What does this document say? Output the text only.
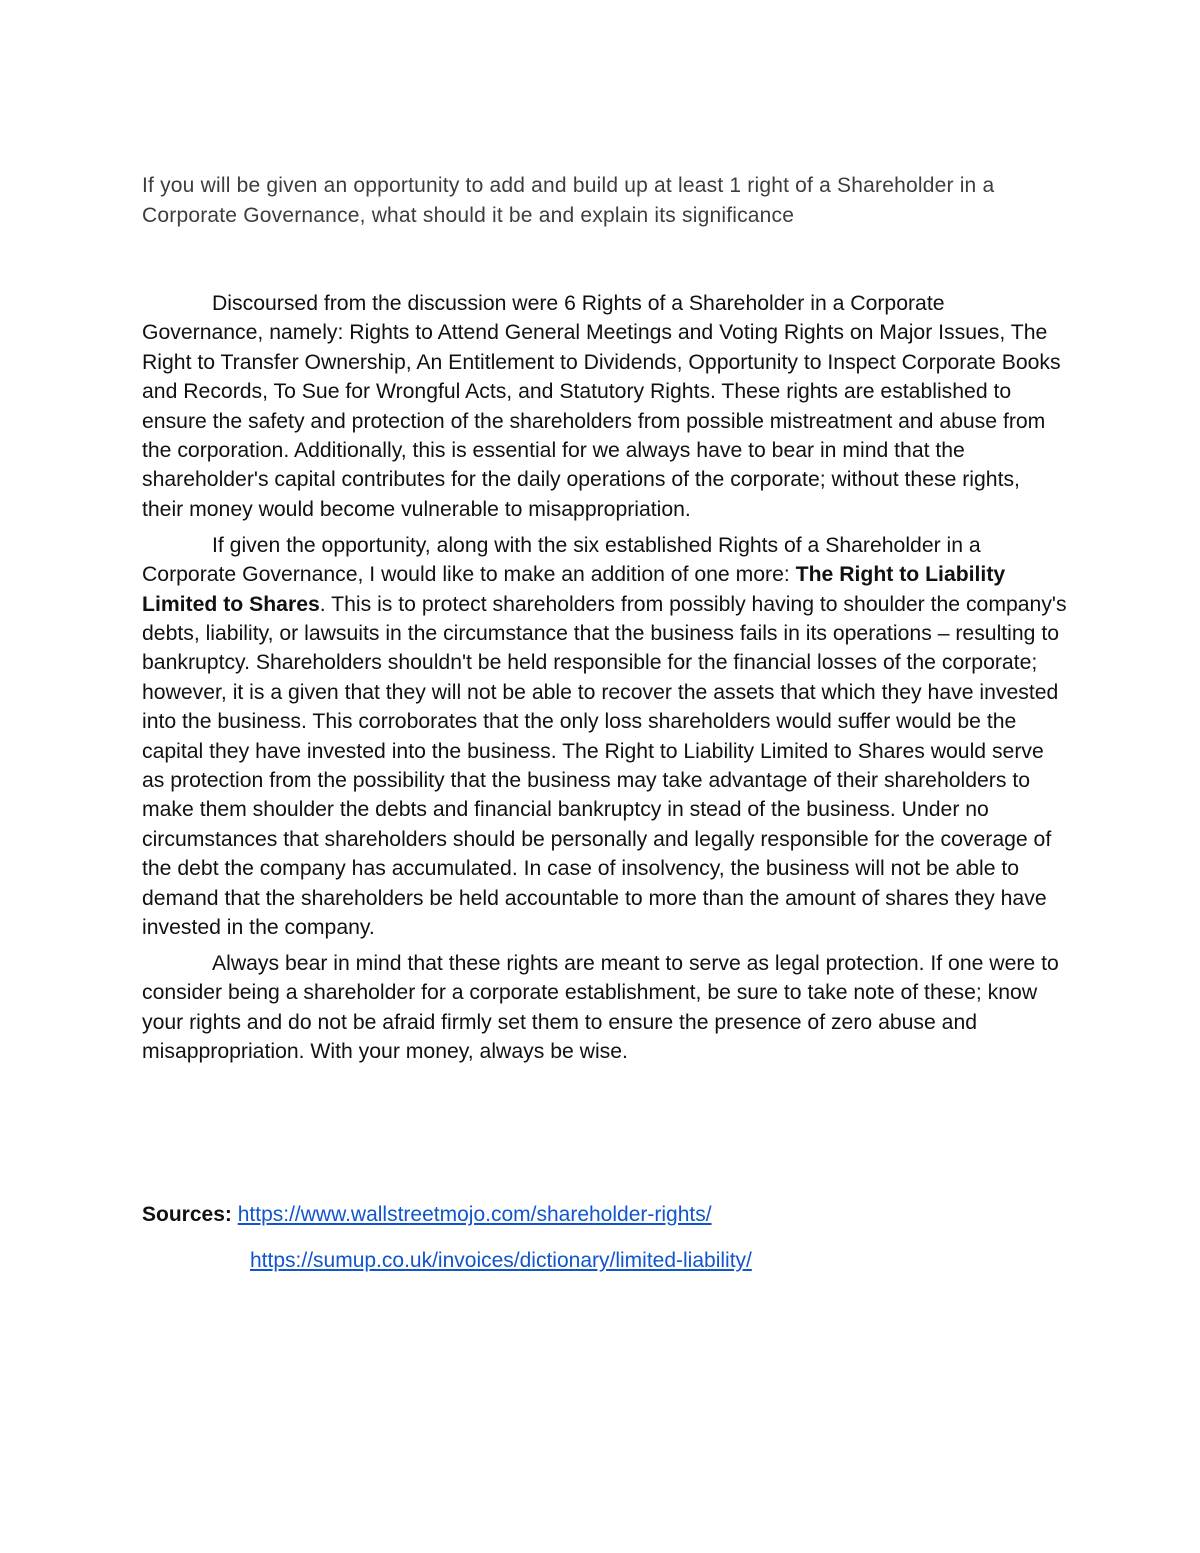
If you will be given an opportunity to add and build up at least 1 right of a Shareholder in a Corporate Governance, what should it be and explain its significance

Discoursed from the discussion were 6 Rights of a Shareholder in a Corporate Governance, namely: Rights to Attend General Meetings and Voting Rights on Major Issues, The Right to Transfer Ownership, An Entitlement to Dividends, Opportunity to Inspect Corporate Books and Records, To Sue for Wrongful Acts, and Statutory Rights. These rights are established to ensure the safety and protection of the shareholders from possible mistreatment and abuse from the corporation. Additionally, this is essential for we always have to bear in mind that the shareholder's capital contributes for the daily operations of the corporate; without these rights, their money would become vulnerable to misappropriation.

If given the opportunity, along with the six established Rights of a Shareholder in a Corporate Governance, I would like to make an addition of one more: The Right to Liability Limited to Shares. This is to protect shareholders from possibly having to shoulder the company's debts, liability, or lawsuits in the circumstance that the business fails in its operations – resulting to bankruptcy. Shareholders shouldn't be held responsible for the financial losses of the corporate; however, it is a given that they will not be able to recover the assets that which they have invested into the business. This corroborates that the only loss shareholders would suffer would be the capital they have invested into the business. The Right to Liability Limited to Shares would serve as protection from the possibility that the business may take advantage of their shareholders to make them shoulder the debts and financial bankruptcy in stead of the business. Under no circumstances that shareholders should be personally and legally responsible for the coverage of the debt the company has accumulated. In case of insolvency, the business will not be able to demand that the shareholders be held accountable to more than the amount of shares they have invested in the company.

Always bear in mind that these rights are meant to serve as legal protection. If one were to consider being a shareholder for a corporate establishment, be sure to take note of these; know your rights and do not be afraid firmly set them to ensure the presence of zero abuse and misappropriation. With your money, always be wise.

Sources: https://www.wallstreetmojo.com/shareholder-rights/
https://sumup.co.uk/invoices/dictionary/limited-liability/
